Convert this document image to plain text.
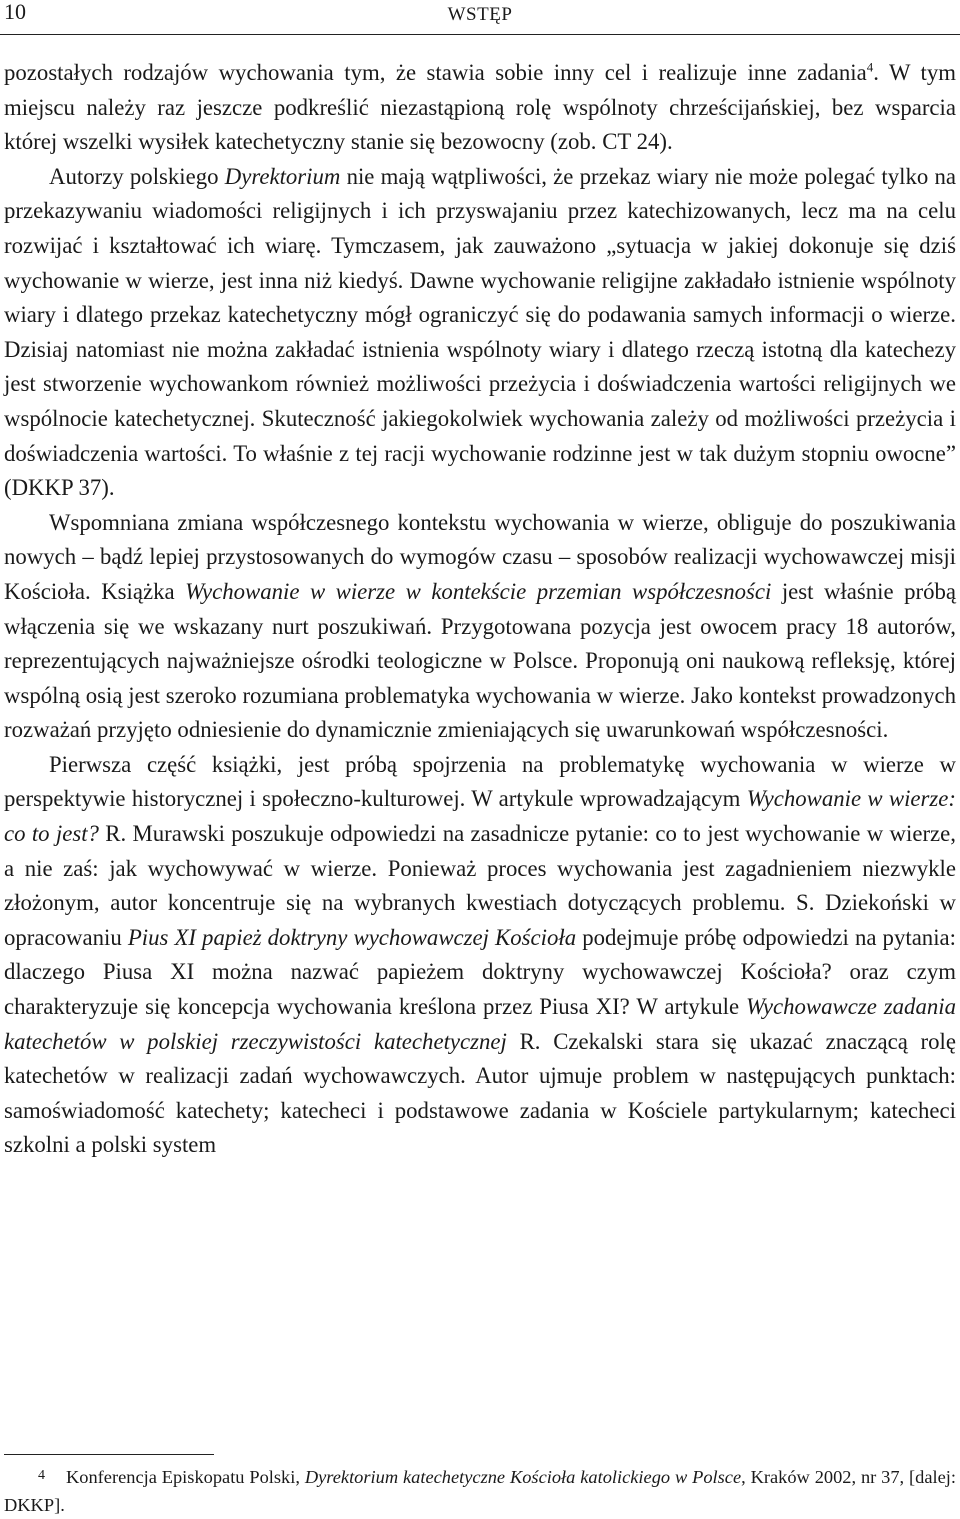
10	WSTĘP

pozostałych rodzajów wychowania tym, że stawia sobie inny cel i realizuje inne zadania$^4$. W tym miejscu należy raz jeszcze podkreślić niezastąpioną rolę wspólnoty chrześcijańskiej, bez wsparcia której wszelki wysiłek katechetyczny stanie się bezowocny (zob. CT 24).

Autorzy polskiego Dyrektorium nie mają wątpliwości, że przekaz wiary nie może polegać tylko na przekazywaniu wiadomości religijnych i ich przyswajaniu przez katechizowanych, lecz ma na celu rozwijać i kształtować ich wiarę. Tymczasem, jak zauważono „sytuacja w jakiej dokonuje się dziś wychowanie w wierze, jest inna niż kiedyś. Dawne wychowanie religijne zakładało istnienie wspólnoty wiary i dlatego przekaz katechetyczny mógł ograniczyć się do podawania samych informacji o wierze. Dzisiaj natomiast nie można zakładać istnienia wspólnoty wiary i dlatego rzeczą istotną dla katechezy jest stworzenie wychowankom również możliwości przeżycia i doświadczenia wartości religijnych we wspólnocie katechetycznej. Skuteczność jakiegokolwiek wychowania zależy od możliwości przeżycia i doświadczenia wartości. To właśnie z tej racji wychowanie rodzinne jest w tak dużym stopniu owocne” (DKKP 37).

Wspomniana zmiana współczesnego kontekstu wychowania w wierze, obliguje do poszukiwania nowych – bądź lepiej przystosowanych do wymogów czasu – sposobów realizacji wychowawczej misji Kościoła. Książka Wychowanie w wierze w kontekście przemian współczesności jest właśnie próbą włączenia się we wskazany nurt poszukiwań. Przygotowana pozycja jest owocem pracy 18 autorów, reprezentujących najważniejsze ośrodki teologiczne w Polsce. Proponują oni naukową refleksję, której wspólną osią jest szeroko rozumiana problematyka wychowania w wierze. Jako kontekst prowadzonych rozważań przyjęto odniesienie do dynamicznie zmieniających się uwarunkowań współczesności.

Pierwsza część książki, jest próbą spojrzenia na problematykę wychowania w wierze w perspektywie historycznej i społeczno-kulturowej. W artykule wprowadzającym Wychowanie w wierze: co to jest? R. Murawski poszukuje odpowiedzi na zasadnicze pytanie: co to jest wychowanie w wierze, a nie zaś: jak wychowywać w wierze. Ponieważ proces wychowania jest zagadnieniem niezwykle złożonym, autor koncentruje się na wybranych kwestiach dotyczących problemu. S. Dziekoński w opracowaniu Pius XI papież doktryny wychowawczej Kościoła podejmuje próbę odpowiedzi na pytania: dlaczego Piusa XI można nazwać papieżem doktryny wychowawczej Kościoła? oraz czym charakteryzuje się koncepcja wychowania kreślona przez Piusa XI? W artykule Wychowawcze zadania katechetów w polskiej rzeczywistości katechetycznej R. Czekalski stara się ukazać znaczącą rolę katechetów w realizacji zadań wychowawczych. Autor ujmuje problem w następujących punktach: samoświadomość katechety; katecheci i podstawowe zadania w Kościele partykularnym; katecheci szkolni a polski system

4 Konferencja Episkopatu Polski, Dyrektorium katechetyczne Kościoła katolickiego w Polsce, Kraków 2002, nr 37, [dalej: DKKP].
